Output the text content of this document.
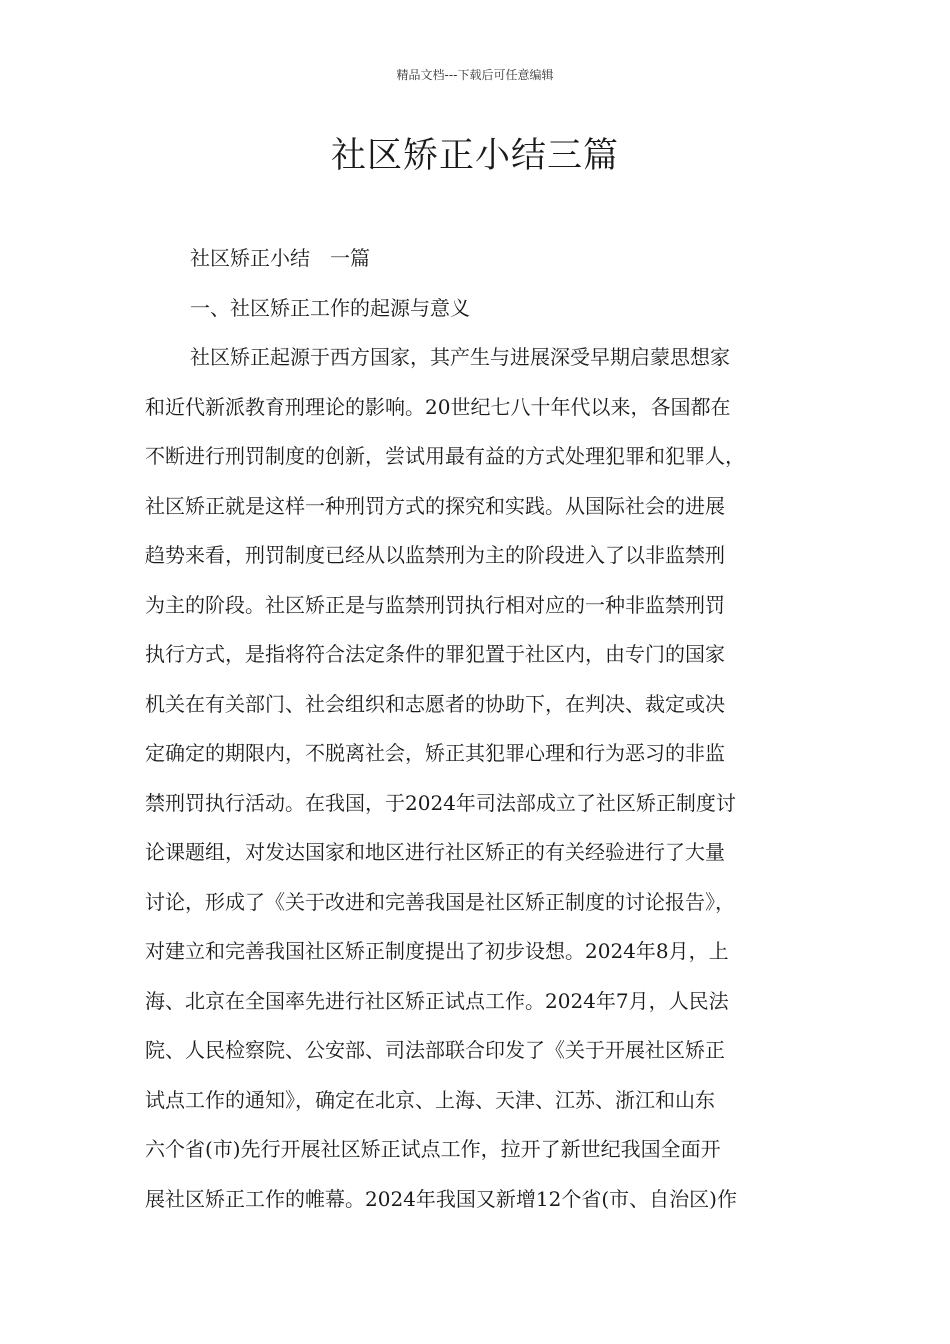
精品文档---下载后可任意编辑
社区矫正小结三篇
社区矫正小结　一篇
一、社区矫正工作的起源与意义
社区矫正起源于西方国家，其产生与进展深受早期启蒙思想家
和近代新派教育刑理论的影响。20世纪七八十年代以来，各国都在
不断进行刑罚制度的创新，尝试用最有益的方式处理犯罪和犯罪人，
社区矫正就是这样一种刑罚方式的探究和实践。从国际社会的进展
趋势来看，刑罚制度已经从以监禁刑为主的阶段进入了以非监禁刑
为主的阶段。社区矫正是与监禁刑罚执行相对应的一种非监禁刑罚
执行方式，是指将符合法定条件的罪犯置于社区内，由专门的国家
机关在有关部门、社会组织和志愿者的协助下，在判决、裁定或决
定确定的期限内，不脱离社会，矫正其犯罪心理和行为恶习的非监
禁刑罚执行活动。在我国，于2024年司法部成立了社区矫正制度讨
论课题组，对发达国家和地区进行社区矫正的有关经验进行了大量
讨论，形成了《关于改进和完善我国是社区矫正制度的讨论报告》，
对建立和完善我国社区矫正制度提出了初步设想。2024年8月，上
海、北京在全国率先进行社区矫正试点工作。2024年7月，人民法
院、人民检察院、公安部、司法部联合印发了《关于开展社区矫正
试点工作的通知》，确定在北京、上海、天津、江苏、浙江和山东
六个省(市)先行开展社区矫正试点工作，拉开了新世纪我国全面开
展社区矫正工作的帷幕。2024年我国又新增12个省(市、自治区)作
